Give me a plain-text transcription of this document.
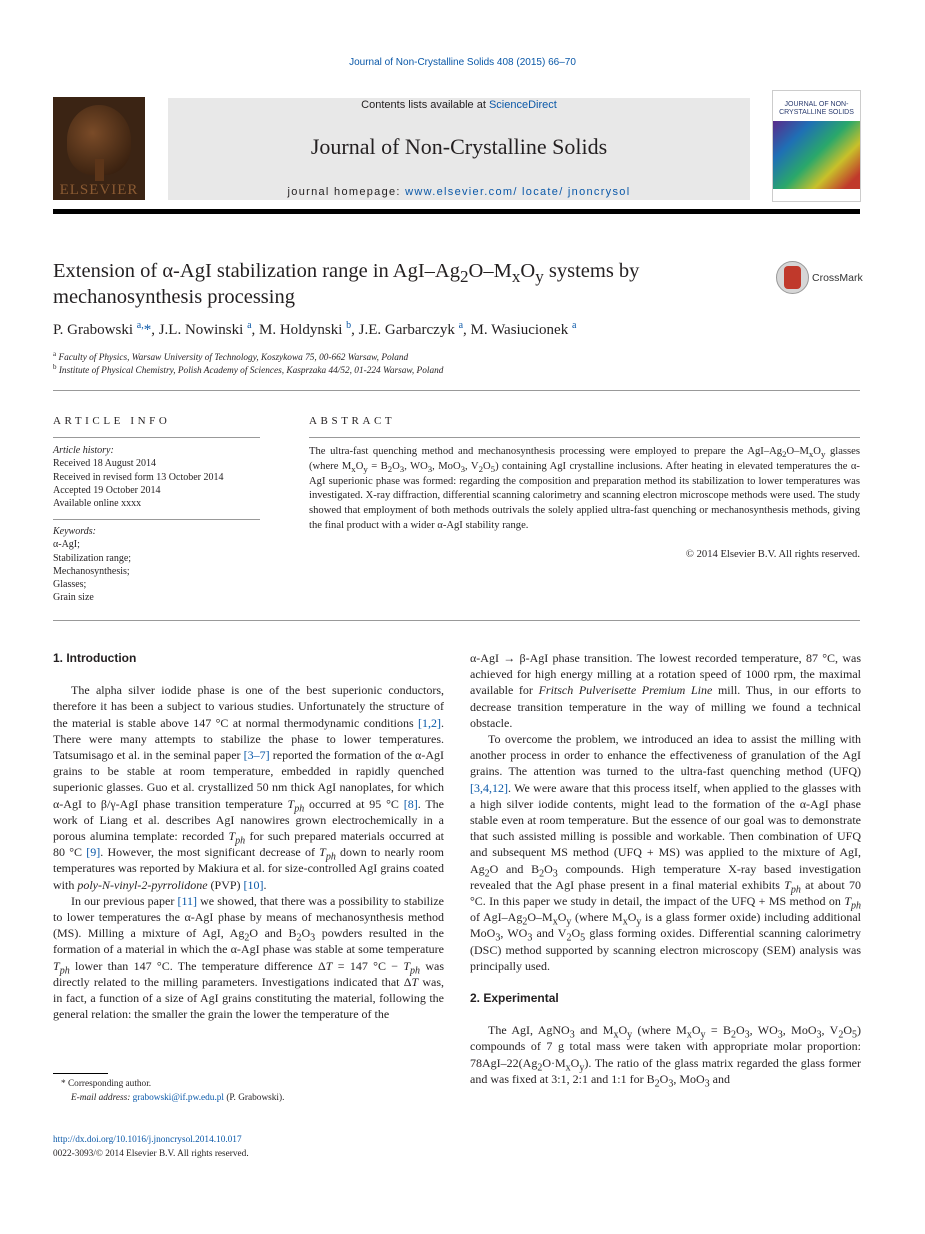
Journal of Non-Crystalline Solids 408 (2015) 66–70
ELSEVIER
Contents lists available at ScienceDirect
Journal of Non-Crystalline Solids
journal homepage: www.elsevier.com/ locate/ jnoncrysol
JOURNAL OF NON-CRYSTALLINE SOLIDS
Extension of α-AgI stabilization range in AgI–$Ag_2O-M_xO_y$ systems by mechanosynthesis processing
CrossMark
P. Grabowski $^{a,}$*, J.L. Nowinski $^a$, M. Holdynski $^b$, J.E. Garbarczyk $^a$, M. Wasiucionek $^a$
$^a$ Faculty of Physics, Warsaw University of Technology, Koszykowa 75, 00-662 Warsaw, Poland
$^b$ Institute of Physical Chemistry, Polish Academy of Sciences, Kasprzaka 44/52, 01-224 Warsaw, Poland
ARTICLE INFO	ABSTRACT
Article history:
Received 18 August 2014
Received in revised form 13 October 2014
Accepted 19 October 2014
Available online xxxx
Keywords:
α-AgI;
Stabilization range;
Mechanosynthesis;
Glasses;
Grain size
The ultra-fast quenching method and mechanosynthesis processing were employed to prepare the AgI–$Ag_2O-M_xO_y$ glasses (where $M_xO_y = B_2O_3$, $WO_3$, MoO$_3$, $V_2O_5$) containing AgI crystalline inclusions. After heating in elevated temperatures the α-AgI superionic phase was formed: regarding the composition and preparation method its stabilization to lower temperatures was investigated. X-ray diffraction, differential scanning calorimetry and scanning electron microscope methods were used. The study showed that employment of both methods outrivals the solely applied ultra-fast quenching or mechanosynthesis methods, giving the final product with a wider α-AgI stability range.
© 2014 Elsevier B.V. All rights reserved.
1. Introduction

The alpha silver iodide phase is one of the best superionic conductors, therefore it has been a subject to various studies. Unfortunately the structure of the material is stable above 147 °C at normal thermodynamic conditions [1,2]. There were many attempts to stabilize the phase to lower temperatures. Tatsumisago et al. in the seminal paper [3–7] reported the formation of the α-AgI grains to be stable at room temperature, embedded in rapidly quenched superionic glasses. Guo et al. crystallized 50 nm thick AgI nanoplates, for which α-AgI to β/γ-AgI phase transition temperature $T_{ph}$ occurred at 95 °C [8]. The work of Liang et al. describes AgI nanowires grown electrochemically in a porous alumina template: recorded $T_{ph}$ for such prepared materials occurred at 80 °C [9]. However, the most significant decrease of $T_{ph}$ down to nearly room temperatures was reported by Makiura et al. for size-controlled AgI grains coated with poly-N-vinyl-2-pyrrolidone (PVP) [10].

In our previous paper [11] we showed, that there was a possibility to stabilize to lower temperatures the α-AgI phase by means of mechanosynthesis method (MS). Milling a mixture of AgI, $Ag_2O$ and $B_2O_3$ powders resulted in the formation of a material in which the α-AgI phase was stable at some temperature $T_{ph}$ lower than 147 °C. The temperature difference ΔT = 147 $^\circ C - T_{ph}$ was directly related to the milling parameters. Investigations indicated that ΔT was, in fact, a function of a size of AgI grains constituting the material, following the general relation: the smaller the grain the lower the temperature of the

α-AgI → β-AgI phase transition. The lowest recorded temperature, 87 °C, was achieved for high energy milling at a rotation speed of 1000 rpm, the maximal available for Fritsch Pulverisette Premium Line mill. Thus, in our efforts to decrease transition temperature in the way of milling we found a technical obstacle.

To overcome the problem, we introduced an idea to assist the milling with another process in order to enhance the effectiveness of granulation of the AgI grains. The attention was turned to the ultra-fast quenching method (UFQ) [3,4,12]. We were aware that this process itself, when applied to the glasses with a high silver iodide contents, might lead to the formation of the α-AgI phase stable even at room temperature. But the essence of our goal was to demonstrate that such assisted milling is possible and workable. Then combination of UFQ and subsequent MS method (UFQ + MS) was applied to the mixture of AgI, $Ag_2O$ and $B_2O_3$ compounds. High temperature X-ray based investigation revealed that the AgI phase present in a final material exhibits $T_{ph}$ at about 70 °C. In this paper we study in detail, the impact of the UFQ + MS method on $T_{ph}$ of AgI–$Ag_2O-M_xO_y$ (where $M_xO_y$ is a glass former oxide) including additional MoO$_3$, $WO_3$ and $V_2O_5$ glass forming oxides. Differential scanning calorimetry (DSC) method supported by scanning electron microscopy (SEM) analysis was principally used.

2. Experimental

The AgI, AgNO$_3$ and $M_xO_y$ (where $M_xO_y = B_2O_3$, $WO_3$, MoO$_3$, $V_2O_5$) compounds of 7 g total mass were taken with appropriate molar proportion: $78AgI-22(Ag_2O\cdot M_xO_y)$. The ratio of the glass matrix regarded the glass former and was fixed at 3:1, 2:1 and 1:1 for $B_2O_3$, MoO$_3$ and

* Corresponding author.
E-mail address: grabowski@if.pw.edu.pl (P. Grabowski).
http://dx.doi.org/10.1016/j.jnoncrysol.2014.10.017
0022-3093/© 2014 Elsevier B.V. All rights reserved.
